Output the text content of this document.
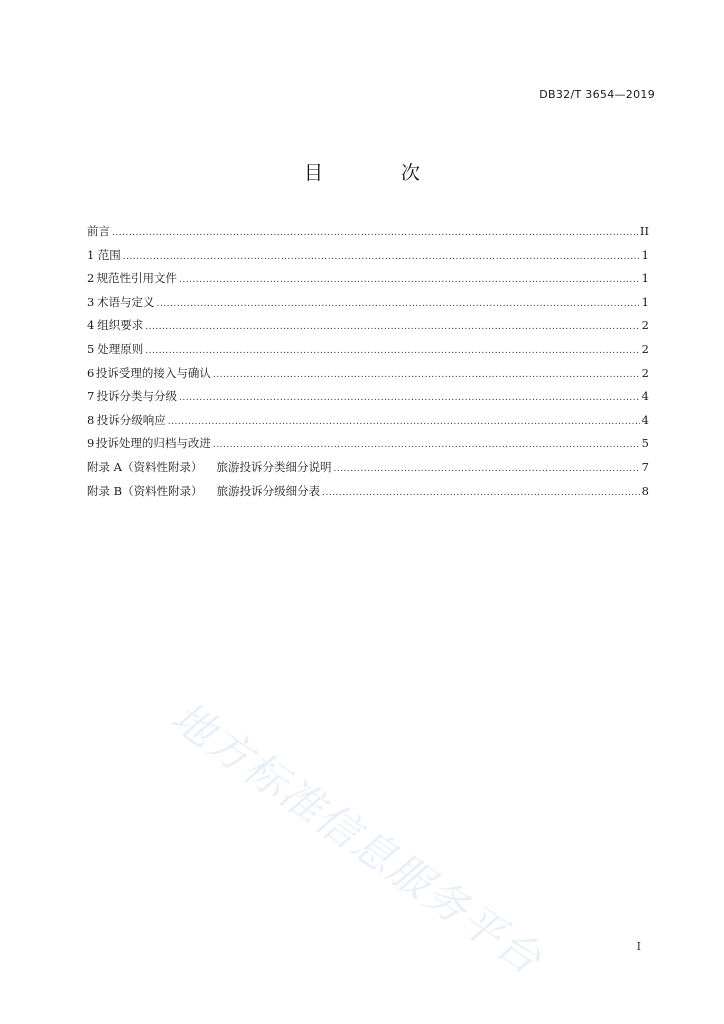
DB32/T 3654—2019
目 次
前言 .....	II
1 范围 .....	1
2 规范性引用文件 .....	1
3 术语与定义 .....	1
4 组织要求 .....	2
5 处理原则 .....	2
6 投诉受理的接入与确认 .....	2
7 投诉分类与分级 .....	4
8 投诉分级响应 .....	4
9 投诉处理的归档与改进 .....	5
附录 A（资料性附录） 旅游投诉分类细分说明 .....	7
附录 B（资料性附录） 旅游投诉分级细分表 .....	8
地方标准信息服务平台	I
